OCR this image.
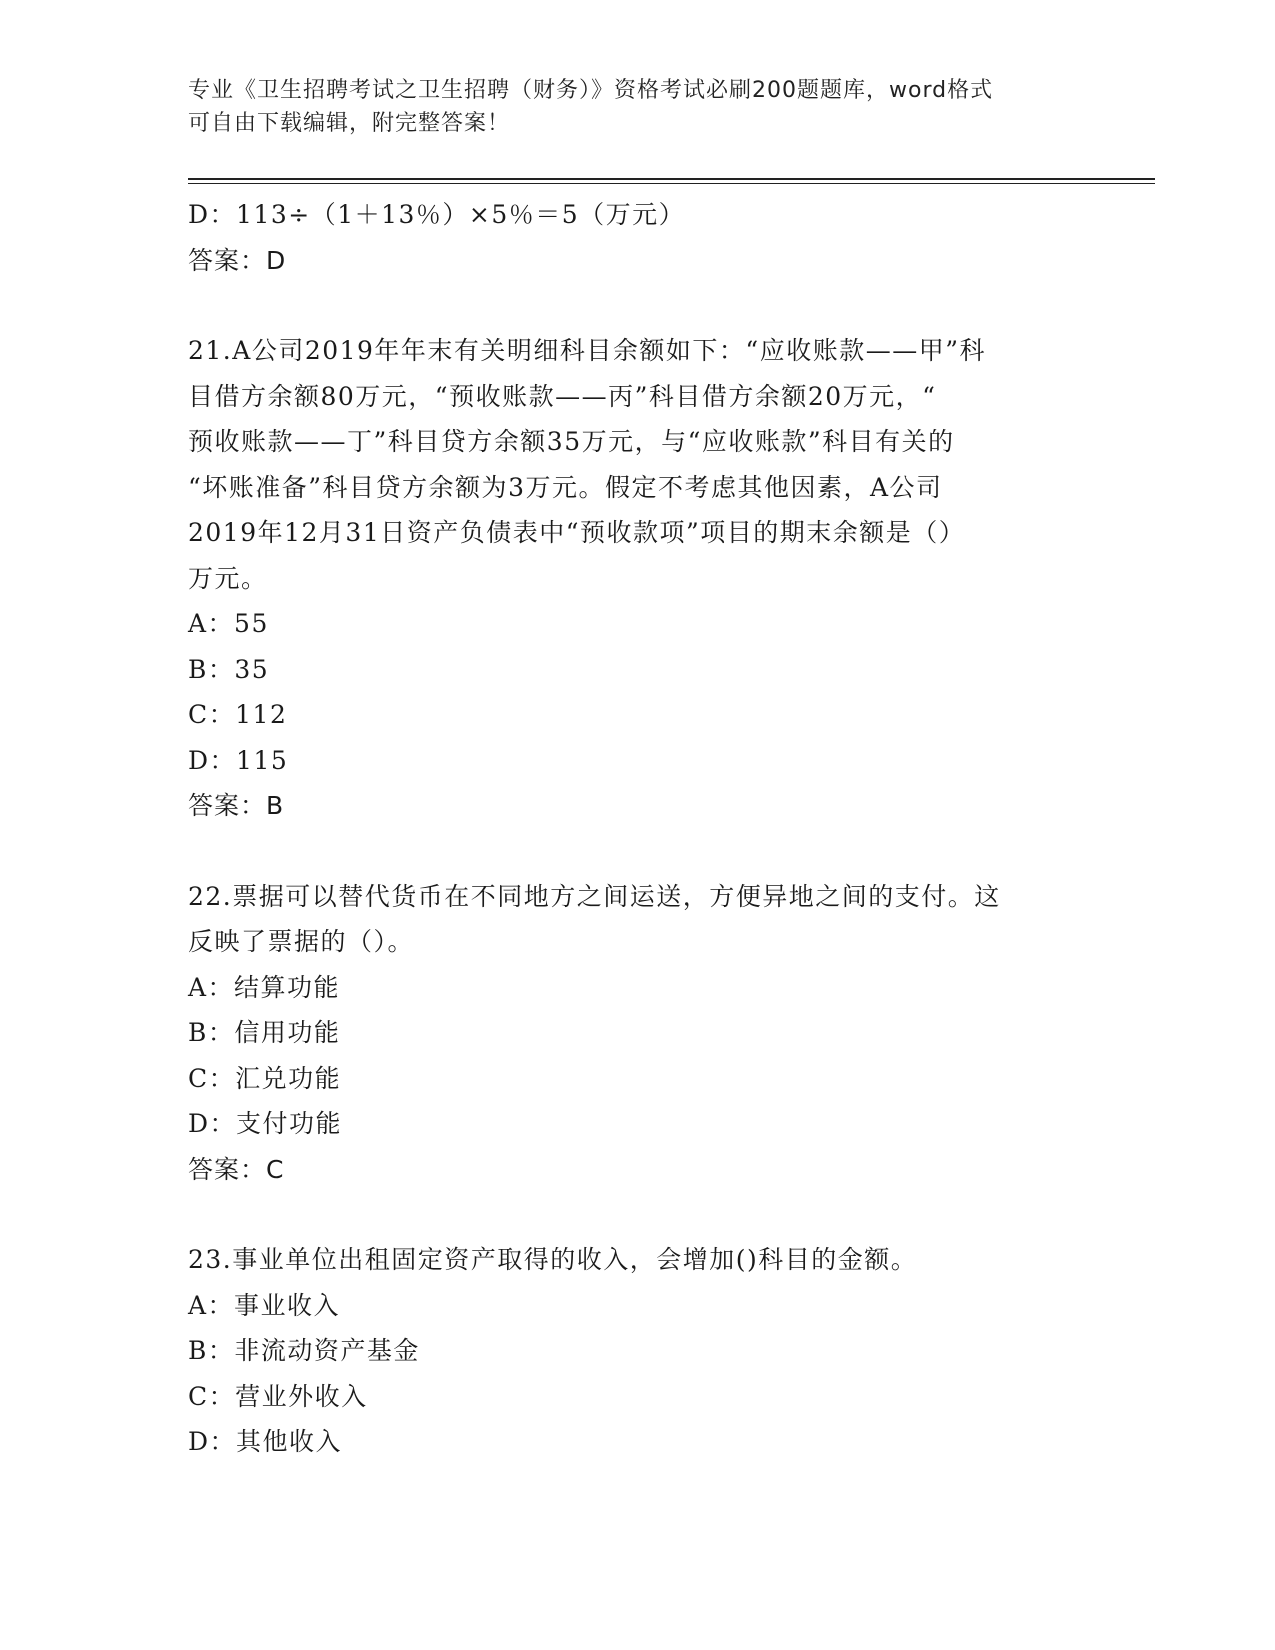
专业《卫生招聘考试之卫生招聘（财务）》资格考试必刷200题题库，word格式
可自由下载编辑，附完整答案！
D：113÷（1＋13％）×5％＝5（万元）
答案：D
21.A公司2019年年末有关明细科目余额如下：“应收账款——甲”科
目借方余额80万元，“预收账款——丙”科目借方余额20万元，“
预收账款——丁”科目贷方余额35万元，与“应收账款”科目有关的
“坏账准备”科目贷方余额为3万元。假定不考虑其他因素，A公司
2019年12月31日资产负债表中“预收款项”项目的期末余额是（）
万元。
A：55
B：35
C：112
D：115
答案：B
22.票据可以替代货币在不同地方之间运送，方便异地之间的支付。这
反映了票据的（）。
A：结算功能
B：信用功能
C：汇兑功能
D：支付功能
答案：C
23.事业单位出租固定资产取得的收入，会增加()科目的金额。
A：事业收入
B：非流动资产基金
C：营业外收入
D：其他收入
